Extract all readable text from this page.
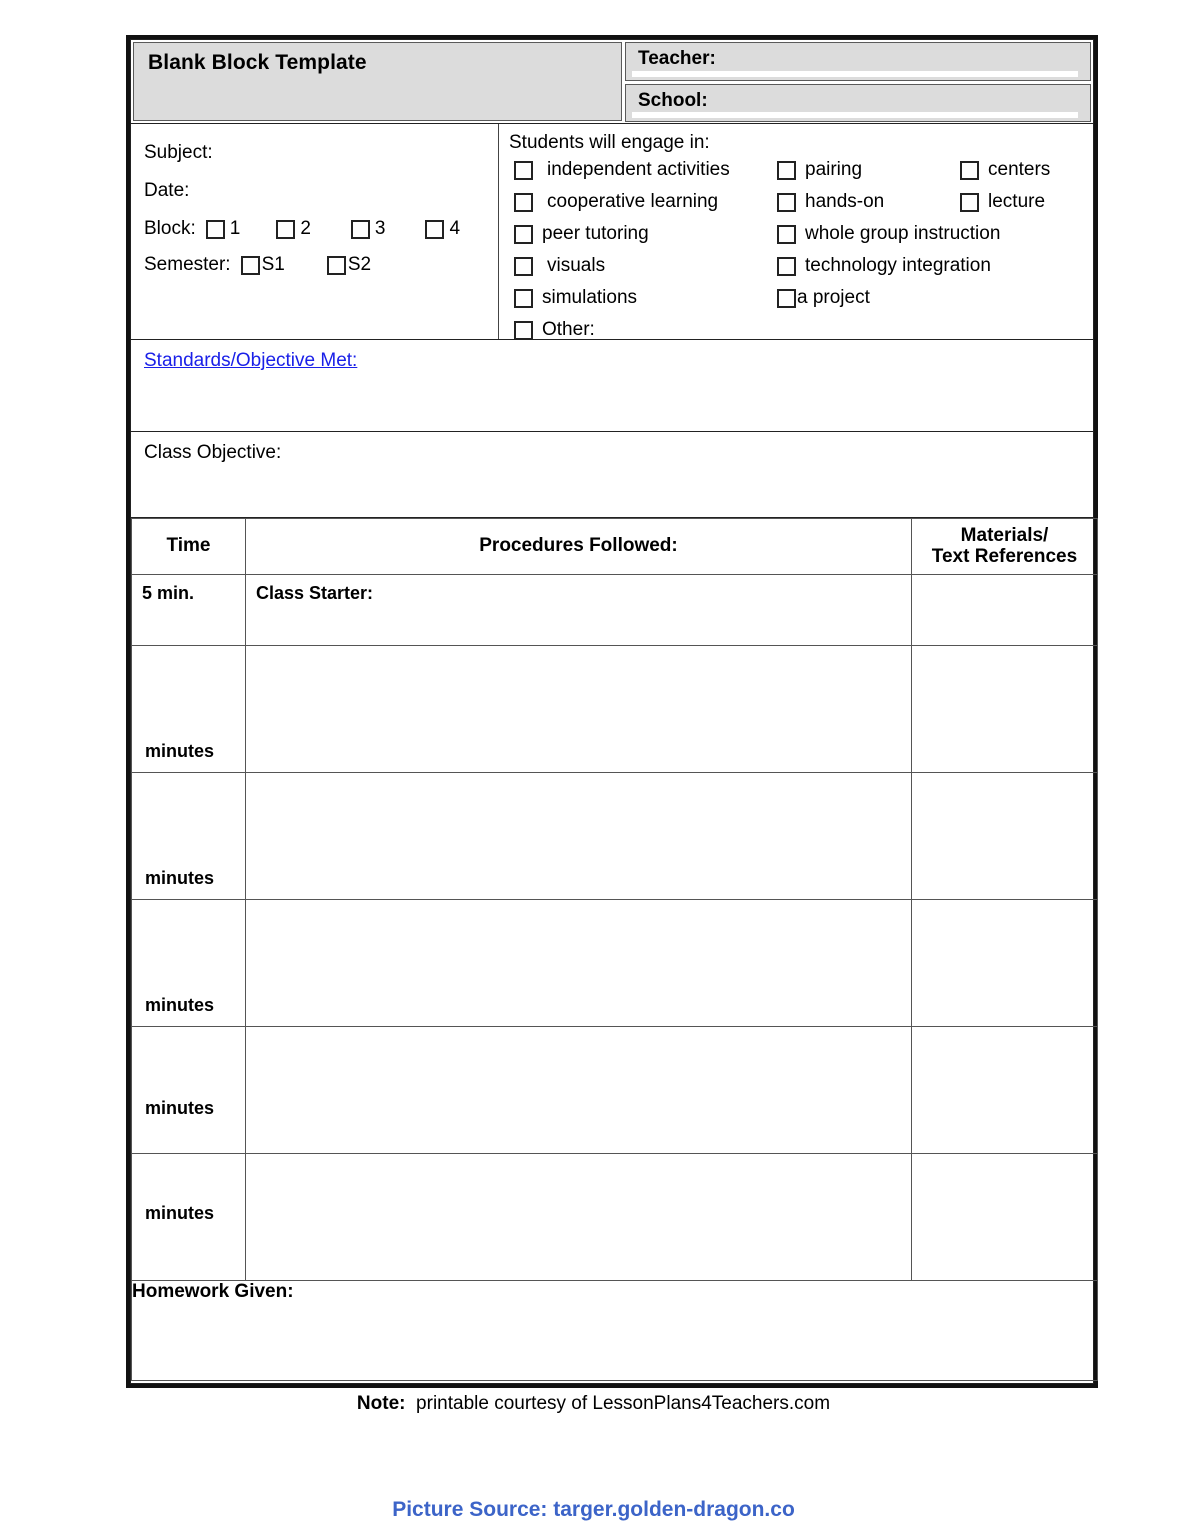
Blank Block Template	Teacher:
School:
Subject:
Date:
Block: 1	2	3	4
Semester: S1	S2
Students will engage in:
independent activities
cooperative learning
peer tutoring
visuals
simulations
Other:
pairing
hands-on
whole group instruction
technology integration
a project
centers
lecture
Standards/Objective Met:
Class Objective:
Time	Procedures Followed:	Materials/
Text References

5 min.	Class Starter:	

minutes		

minutes		

minutes		

minutes		

minutes		

Homework Given:		
Note: printable courtesy of LessonPlans4Teachers.com
Picture Source: targer.golden-dragon.co
